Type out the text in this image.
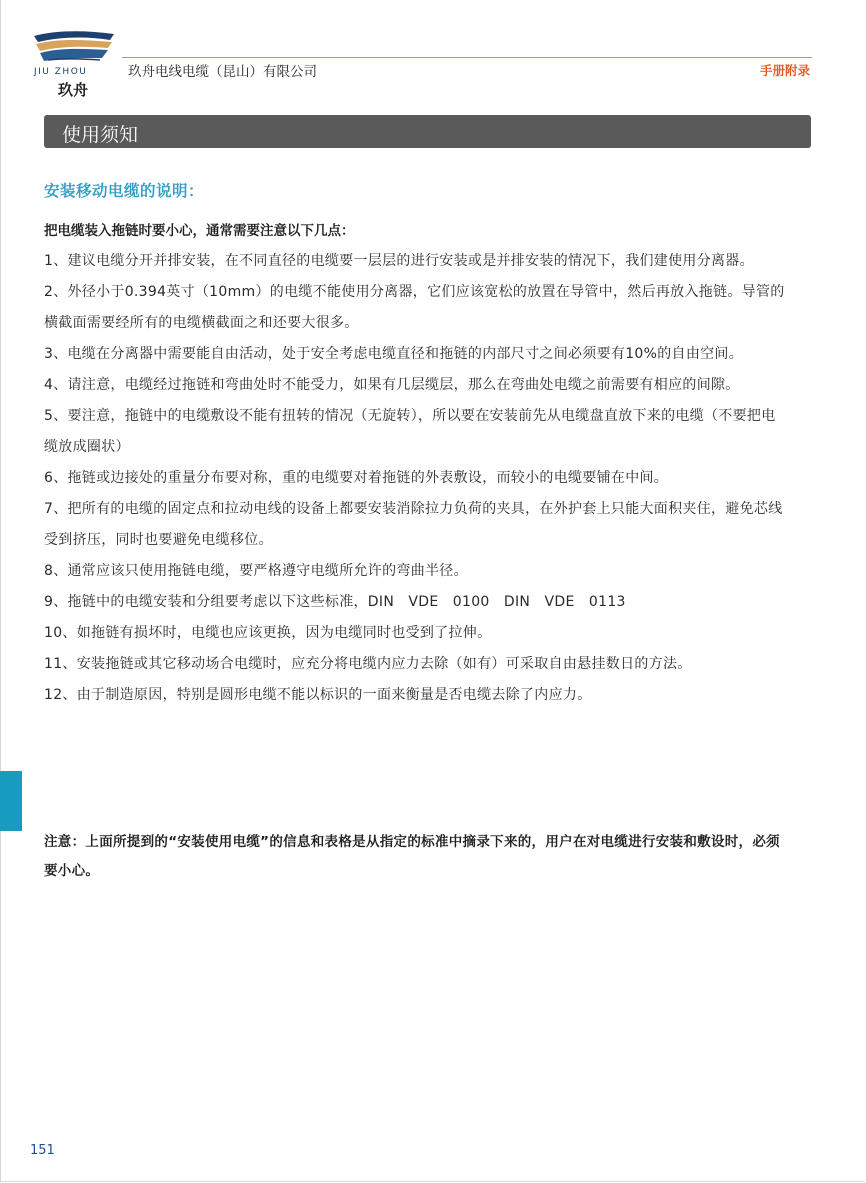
JIU ZHOU
玖舟
玖舟电线电缆（昆山）有限公司	手册附录
使用须知
安装移动电缆的说明：
把电缆装入拖链时要小心，通常需要注意以下几点：
1、建议电缆分开并排安装，在不同直径的电缆要一层层的进行安装或是并排安装的情况下，我们建使用分离器。
2、外径小于0.394英寸（10mm）的电缆不能使用分离器，它们应该宽松的放置在导管中，然后再放入拖链。导管的横截面需要经所有的电缆横截面之和还要大很多。
3、电缆在分离器中需要能自由活动，处于安全考虑电缆直径和拖链的内部尺寸之间必须要有10%的自由空间。
4、请注意，电缆经过拖链和弯曲处时不能受力，如果有几层缆层，那么在弯曲处电缆之前需要有相应的间隙。
5、要注意，拖链中的电缆敷设不能有扭转的情况（无旋转），所以要在安装前先从电缆盘直放下来的电缆（不要把电缆放成圈状）
6、拖链或边接处的重量分布要对称，重的电缆要对着拖链的外表敷设，而较小的电缆要铺在中间。
7、把所有的电缆的固定点和拉动电线的设备上都要安装消除拉力负荷的夹具，在外护套上只能大面积夹住，避免芯线受到挤压，同时也要避免电缆移位。
8、通常应该只使用拖链电缆，要严格遵守电缆所允许的弯曲半径。
9、拖链中的电缆安装和分组要考虑以下这些标准，DIN　VDE　0100　DIN　VDE　0113
10、如拖链有损坏时，电缆也应该更换，因为电缆同时也受到了拉伸。
11、安装拖链或其它移动场合电缆时，应充分将电缆内应力去除（如有）可采取自由悬挂数日的方法。
12、由于制造原因，特别是圆形电缆不能以标识的一面来衡量是否电缆去除了内应力。
注意：上面所提到的“安装使用电缆”的信息和表格是从指定的标准中摘录下来的，用户在对电缆进行安装和敷设时，必须要小心。
151
